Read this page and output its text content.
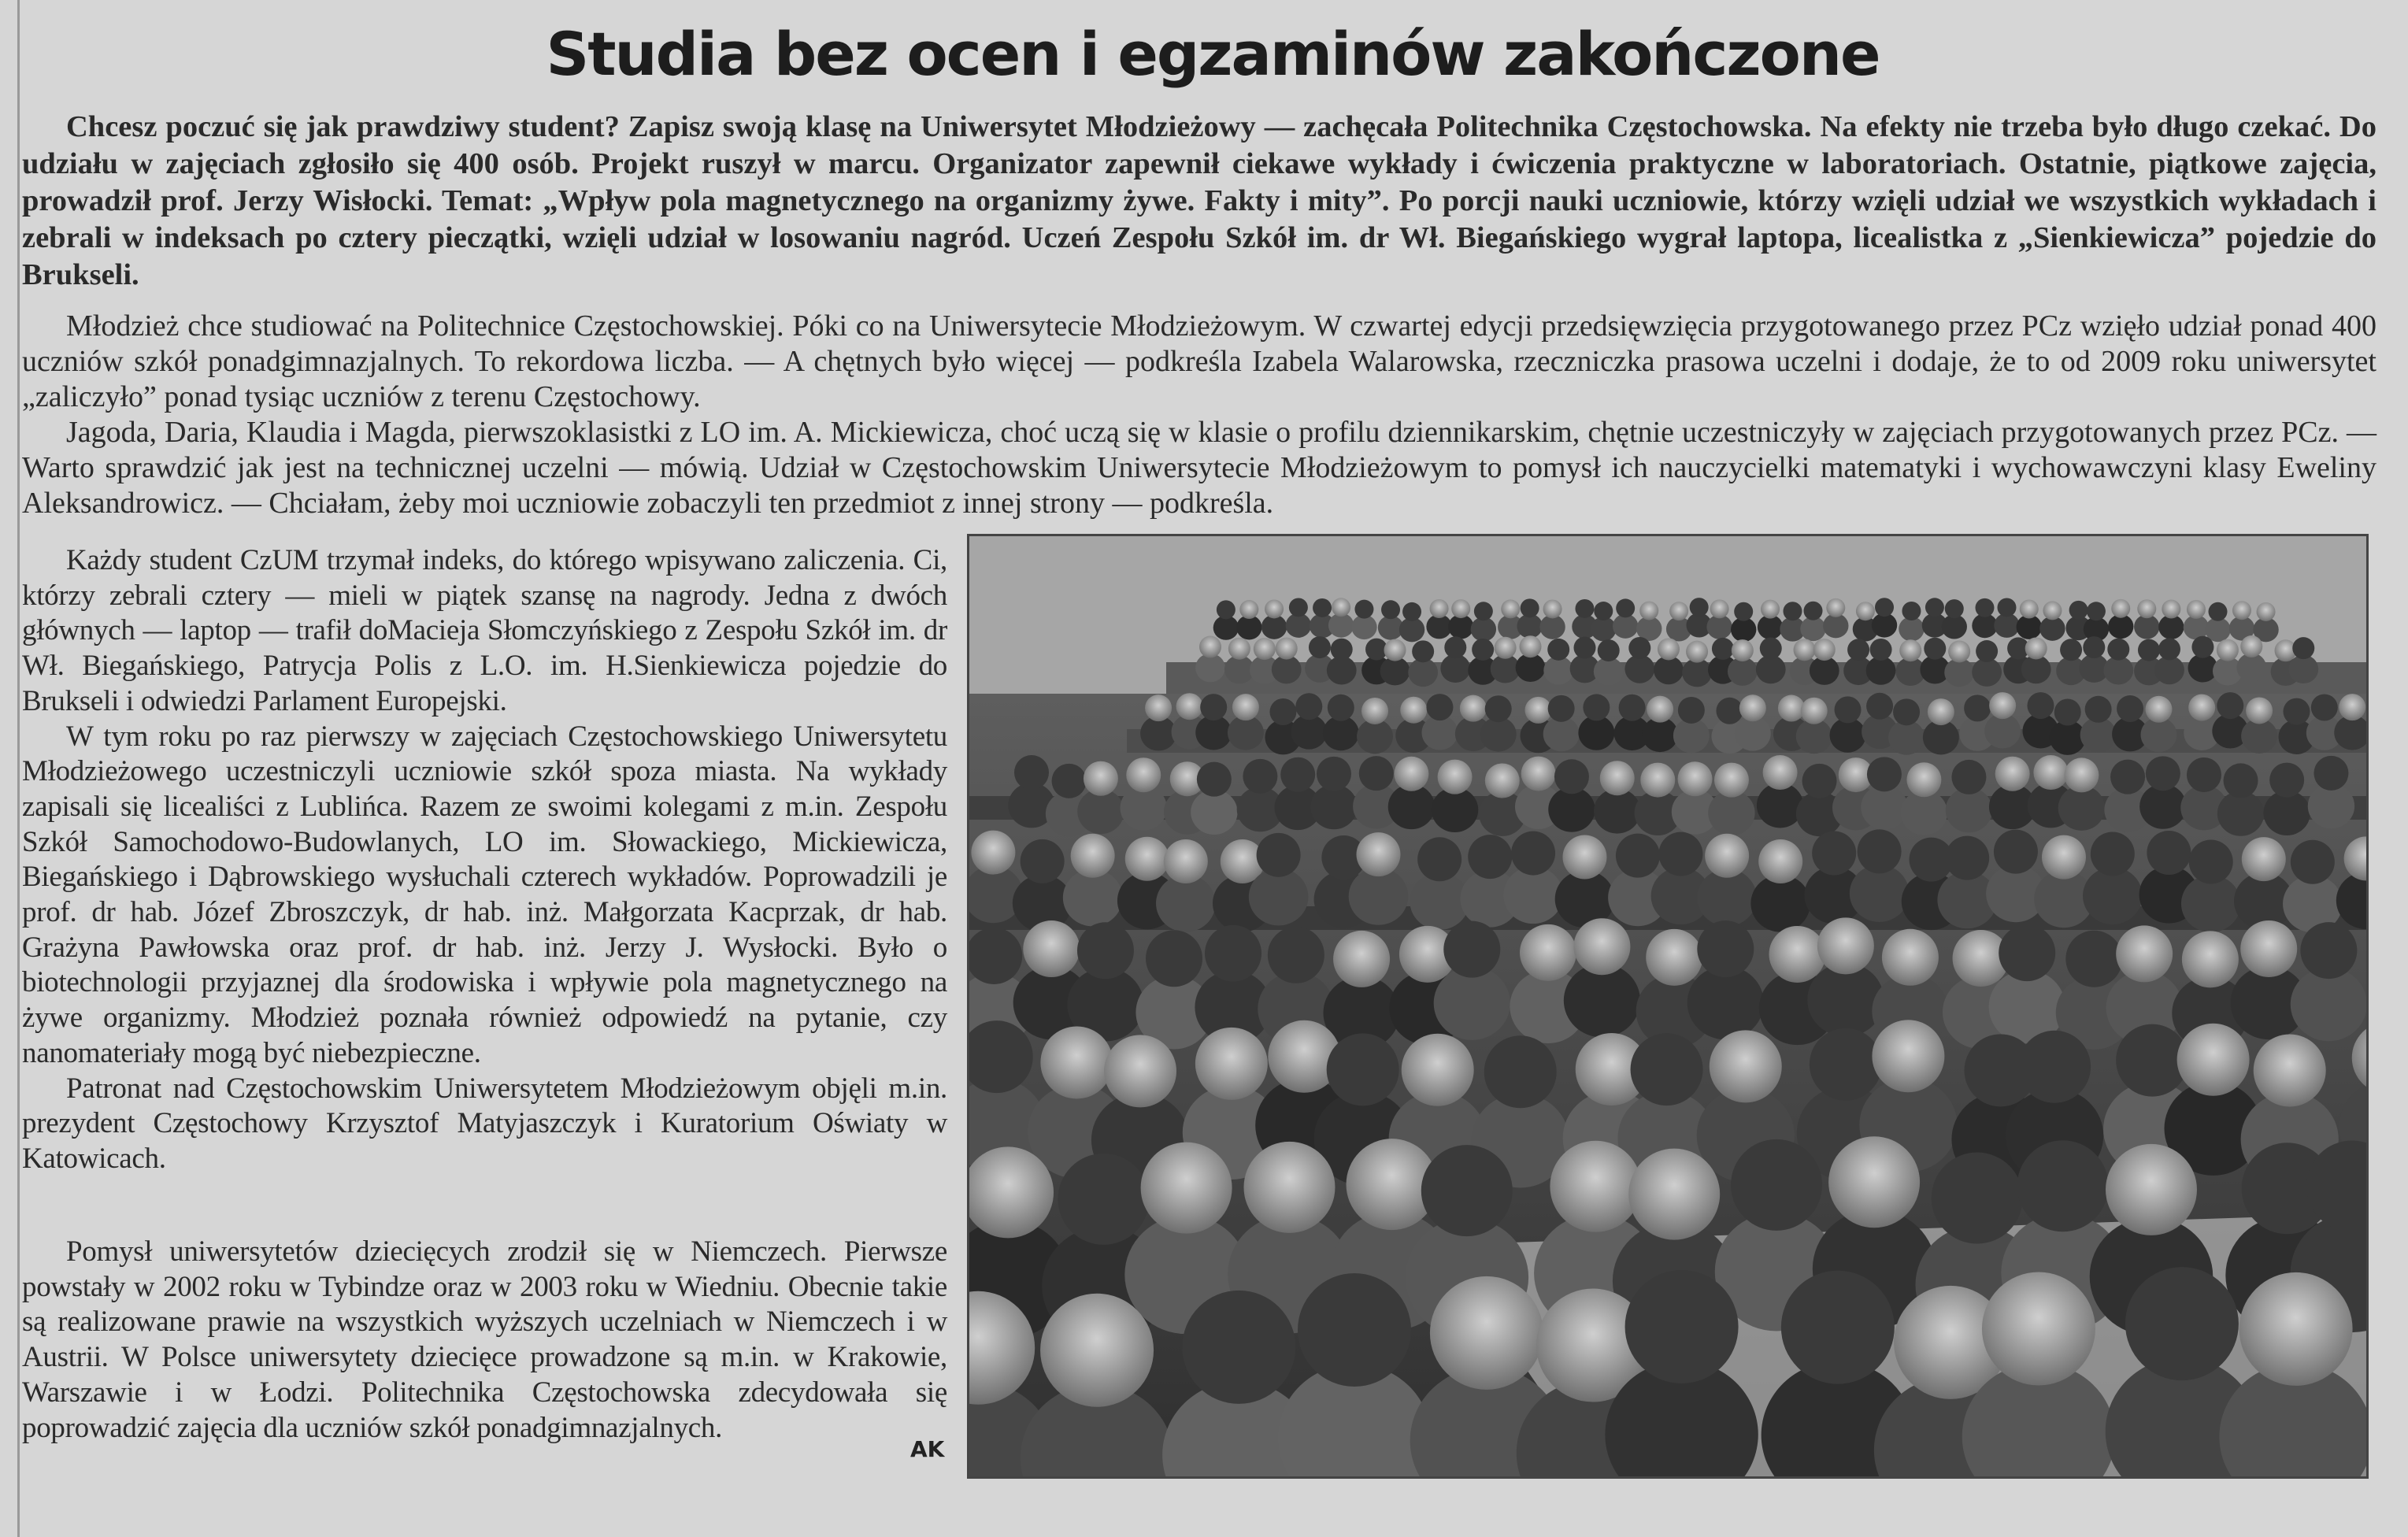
Studia bez ocen i egzaminów zakończone

Chcesz poczuć się jak prawdziwy student? Zapisz swoją klasę na Uniwersytet Młodzieżowy — zachęcała Politechnika Częstochowska. Na efekty nie trzeba było długo czekać. Do udziału w zajęciach zgłosiło się 400 osób. Projekt ruszył w marcu. Organizator zapewnił ciekawe wykłady i ćwiczenia praktyczne w laboratoriach. Ostatnie, piątkowe zajęcia, prowadził prof. Jerzy Wisłocki. Temat: „Wpływ pola magnetycznego na organizmy żywe. Fakty i mity”. Po porcji nauki uczniowie, którzy wzięli udział we wszystkich wykładach i zebrali w indeksach po cztery pieczątki, wzięli udział w losowaniu nagród. Uczeń Zespołu Szkół im. dr Wł. Biegańskiego wygrał laptopa, licealistka z „Sienkiewicza” pojedzie do Brukseli.

Młodzież chce studiować na Politechnice Częstochowskiej. Póki co na Uniwersytecie Młodzieżowym. W czwartej edycji przedsięwzięcia przygotowanego przez PCz wzięło udział ponad 400 uczniów szkół ponadgimnazjalnych. To rekordowa liczba. — A chętnych było więcej — podkreśla Izabela Walarowska, rzeczniczka prasowa uczelni i dodaje, że to od 2009 roku uniwersytet „zaliczyło” ponad tysiąc uczniów z terenu Częstochowy.

Jagoda, Daria, Klaudia i Magda, pierwszoklasistki z LO im. A. Mickiewicza, choć uczą się w klasie o profilu dziennikarskim, chętnie uczestniczyły w zajęciach przygotowanych przez PCz. — Warto sprawdzić jak jest na technicznej uczelni — mówią. Udział w Częstochowskim Uniwersytecie Młodzieżowym to pomysł ich nauczycielki matematyki i wychowawczyni klasy Eweliny Aleksandrowicz. — Chciałam, żeby moi uczniowie zobaczyli ten przedmiot z innej strony — podkreśla.

Każdy student CzUM trzymał indeks, do którego wpisywano zaliczenia. Ci, którzy zebrali cztery — mieli w piątek szansę na nagrody. Jedna z dwóch głównych — laptop — trafił doMacieja Słomczyńskiego z Zespołu Szkół im. dr Wł. Biegańskiego, Patrycja Polis z L.O. im. H.Sienkiewicza pojedzie do Brukseli i odwiedzi Parlament Europejski.

W tym roku po raz pierwszy w zajęciach Częstochowskiego Uniwersytetu Młodzieżowego uczestniczyli uczniowie szkół spoza miasta. Na wykłady zapisali się licealiści z Lublińca. Razem ze swoimi kolegami z m.in. Zespołu Szkół Samochodowo-Budowlanych, LO im. Słowackiego, Mickiewicza, Biegańskiego i Dąbrowskiego wysłuchali czterech wykładów. Poprowadzili je prof. dr hab. Józef Zbroszczyk, dr hab. inż. Małgorzata Kacprzak, dr hab. Grażyna Pawłowska oraz prof. dr hab. inż. Jerzy J. Wysłocki. Było o biotechnologii przyjaznej dla środowiska i wpływie pola magnetycznego na żywe organizmy. Młodzież poznała również odpowiedź na pytanie, czy nanomateriały mogą być niebezpieczne.

Patronat nad Częstochowskim Uniwersytetem Młodzieżowym objęli m.in. prezydent Częstochowy Krzysztof Matyjaszczyk i Kuratorium Oświaty w Katowicach.

Pomysł uniwersytetów dziecięcych zrodził się w Niemczech. Pierwsze powstały w 2002 roku w Tybindze oraz w 2003 roku w Wiedniu. Obecnie takie są realizowane prawie na wszystkich wyższych uczelniach w Niemczech i w Austrii. W Polsce uniwersytety dziecięce prowadzone są m.in. w Krakowie, Warszawie i w Łodzi. Politechnika Częstochowska zdecydowała się poprowadzić zajęcia dla uczniów szkół ponadgimnazjalnych.

AK
